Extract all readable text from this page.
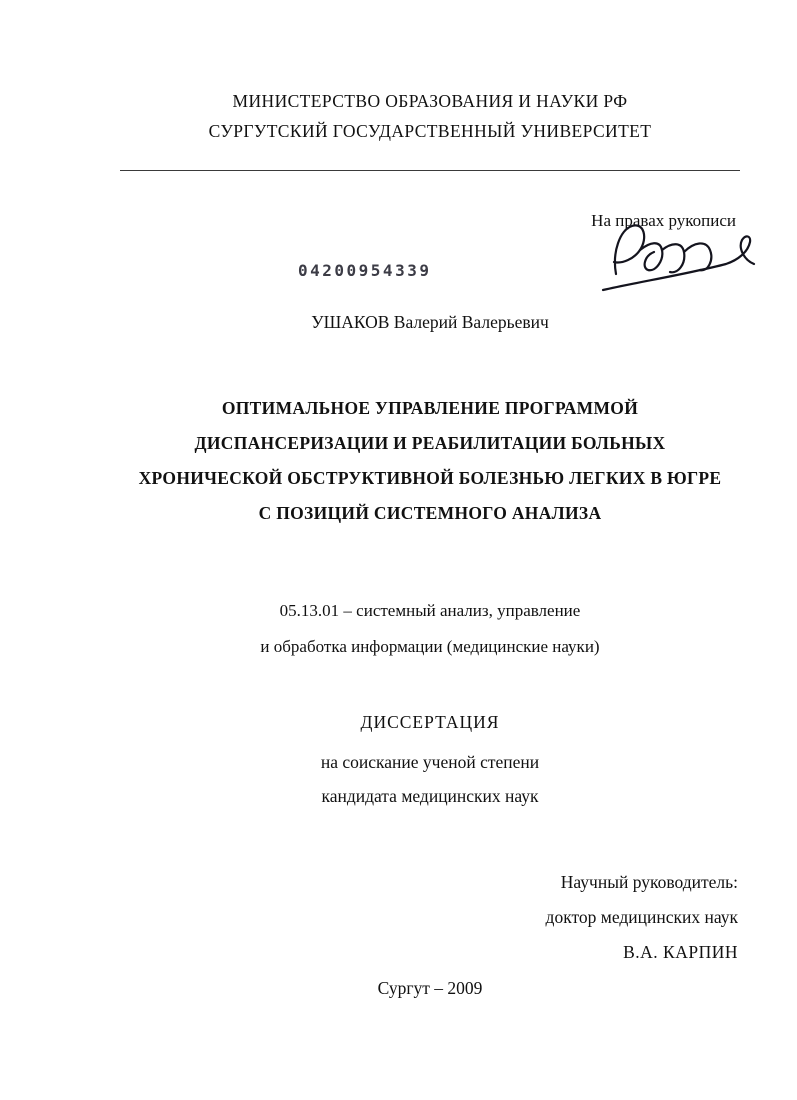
МИНИСТЕРСТВО ОБРАЗОВАНИЯ И НАУКИ РФ
СУРГУТСКИЙ ГОСУДАРСТВЕННЫЙ УНИВЕРСИТЕТ
На правах рукописи
04200954339
УШАКОВ Валерий Валерьевич
ОПТИМАЛЬНОЕ УПРАВЛЕНИЕ ПРОГРАММОЙ
ДИСПАНСЕРИЗАЦИИ И РЕАБИЛИТАЦИИ БОЛЬНЫХ
ХРОНИЧЕСКОЙ ОБСТРУКТИВНОЙ БОЛЕЗНЬЮ ЛЕГКИХ В ЮГРЕ
С ПОЗИЦИЙ СИСТЕМНОГО АНАЛИЗА
05.13.01 – системный анализ, управление
и обработка информации (медицинские науки)
ДИССЕРТАЦИЯ
на соискание ученой степени
кандидата медицинских наук
Научный руководитель:
доктор медицинских наук
В.А. КАРПИН
Сургут – 2009
